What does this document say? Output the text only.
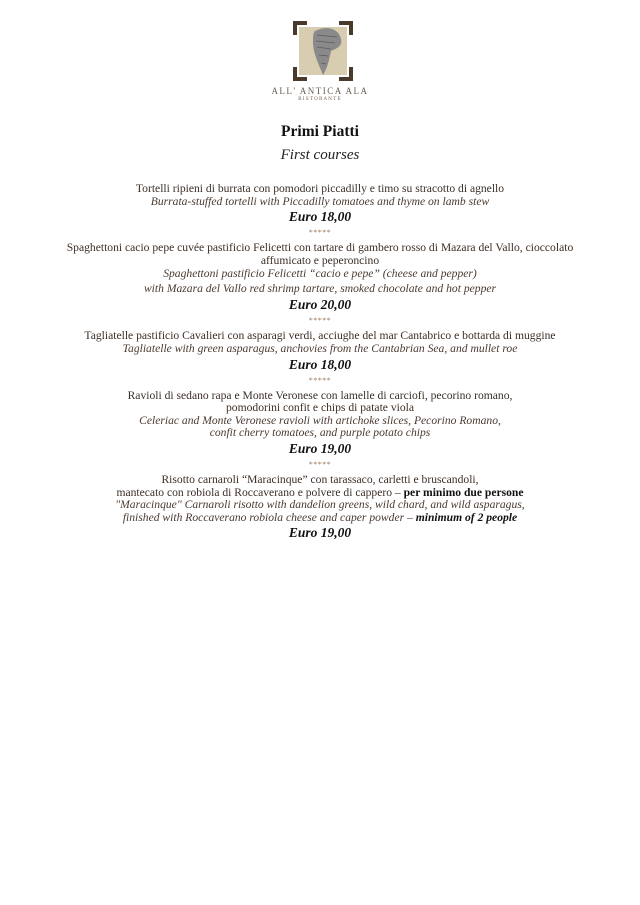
ALL' ANTICA ALA
RISTORANTE
Primi Piatti
First courses
Tortelli ripieni di burrata con pomodori piccadilly e timo su stracotto di agnello
Burrata-stuffed tortelli with Piccadilly tomatoes and thyme on lamb stew
Euro 18,00
*****
Spaghettoni cacio pepe cuvée pastificio Felicetti con tartare di gambero rosso di Mazara del Vallo, cioccolato
affumicato e peperoncino
Spaghettoni pastificio Felicetti “cacio e pepe” (cheese and pepper)
with Mazara del Vallo red shrimp tartare, smoked chocolate and hot pepper
Euro 20,00
*****
Tagliatelle pastificio Cavalieri con asparagi verdi, acciughe del mar Cantabrico e bottarda di muggine
Tagliatelle with green asparagus, anchovies from the Cantabrian Sea, and mullet roe
Euro 18,00
*****
Ravioli di sedano rapa e Monte Veronese con lamelle di carciofi, pecorino romano,
pomodorini confit e chips di patate viola
Celeriac and Monte Veronese ravioli with artichoke slices, Pecorino Romano,
confit cherry tomatoes, and purple potato chips
Euro 19,00
*****
Risotto carnaroli “Maracinque” con tarassaco, carletti e bruscandoli,
mantecato con robiola di Roccaverano e polvere di cappero – per minimo due persone
"Maracinque" Carnaroli risotto with dandelion greens, wild chard, and wild asparagus,
finished with Roccaverano robiola cheese and caper powder – minimum of 2 people
Euro 19,00
